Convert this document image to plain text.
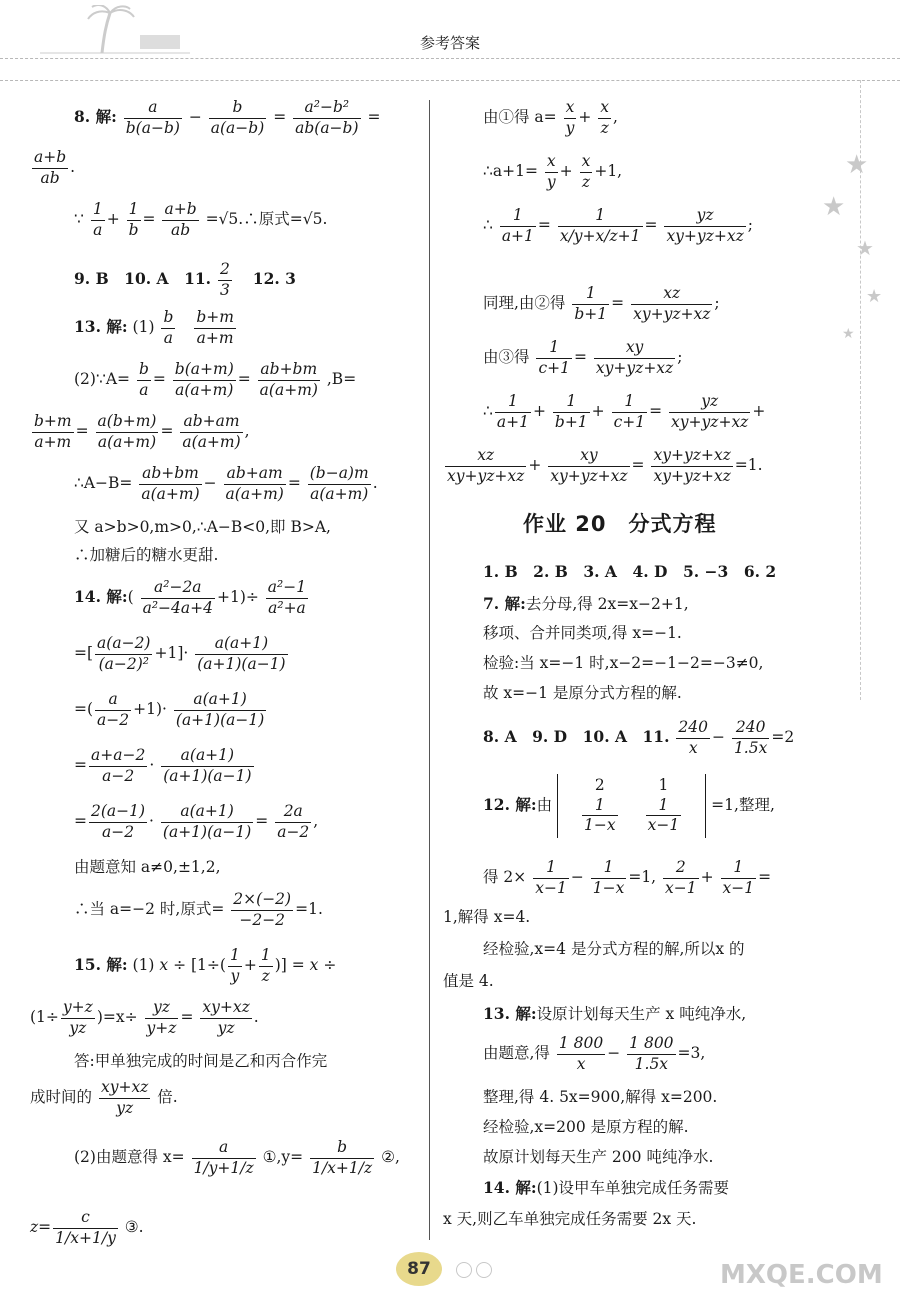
参考答案
★
★
★
★
★
8. 解: $\frac{a}{b(a-b)} - \frac{b}{a(a-b)} = \frac{\text{a²−b²}}{ab(a-b)}$ =
$\frac{a+b}{ab}$ .
∵ $\frac{1}{a} + \frac{1}{b} = \frac{a+b}{ab}$ =√5.∴原式=√5.
9. B　10. A　11. $\frac{2}{3} 12$. 3
13. 解: $(1) \frac{b}{a}$
$\frac{b+m}{a+m}$
(2)∵A= $\frac{b}{a} = \frac{b(a+m)}{a(a+m)} = \frac{ab+bm}{a(a+m)} ,B=$
$\frac{b+m}{a+m} = \frac{a(b+m)}{a(a+m)} = \frac{ab+am}{a(a+m)}$ ,
∴A−B= $\frac{ab+bm}{a(a+m)} - \frac{ab+am}{a(a+m)} = \frac{(b-a)m}{a(a+m)}$ .
又 a>b>0,m>0,∴A−B<0,即 B>A,
∴加糖后的糖水更甜.
14. 解:( $\frac{\text{a²−2a}}{\text{a²−4a+4}} +1)\div \frac{\text{a²−1}}{\text{a²+a}}$
=[ $\frac{a(a-2)}{\text{(a−2)²}} +1]\cdot \frac{a(a+1)}{(a+1)(a-1)}$
=( $\frac{a}{a-2} +1)\cdot \frac{a(a+1)}{(a+1)(a-1)}$
= $\frac{a+a-2}{a-2} \cdot \frac{a(a+1)}{(a+1)(a-1)}$
= $\frac{2(a-1)}{a-2} \cdot \frac{a(a+1)}{(a+1)(a-1)} = \frac{2a}{a-2}$ ,
由题意知 a≠0,±1,2,
∴当 a=−2 时,原式= $\frac{2\times(-2)}{-2-2} =1$.
15. 解: (1) $x \div [1\div( \frac{1}{y} + \frac{1}{z}$ )] = x ÷
$(1\div \frac{y+z}{yz} )=x\div \frac{yz}{y+z} = \frac{xy+xz}{yz}$ .
答:甲单独完成的时间是乙和丙合作完
成时间的 $\frac{xy+xz}{yz}$ 倍.
(2)由题意得 $x= \frac{a}{1/y+1/z}$ ①,y= $\frac{b}{1/x+1/z}$ ②,
$z= \frac{c}{1/x+1/y}$ ③.
由①得 $a= \frac{x}{y} + \frac{x}{z}$ ,
∴a+1= $\frac{x}{y} + \frac{x}{z} +1$,
∴ $\frac{1}{a+1} = \frac{1}{x/y+x/z+1} = \frac{yz}{xy+yz+xz}$ ;
同理,由②得 $\frac{1}{b+1} = \frac{xz}{xy+yz+xz}$ ;
由③得 $\frac{1}{c+1} = \frac{xy}{xy+yz+xz}$ ;
∴ $\frac{1}{a+1} + \frac{1}{b+1} + \frac{1}{c+1} = \frac{yz}{xy+yz+xz}$ +
$\frac{xz}{xy+yz+xz} + \frac{xy}{xy+yz+xz} = \frac{xy+yz+xz}{xy+yz+xz} =1$.
作业 20　分式方程
1. B　2. B　3. A　4. D　5. −3　6. 2
7. 解:去分母,得 2x=x−2+1,
移项、合并同类项,得 x=−1.
检验:当 x=−1 时,x−2=−1−2=−3≠0,
故 x=−1 是原分式方程的解.
8. A　9. D　10. A　11. $\frac{240}{x} - \frac{240}{1.5x} =2$
12. 解:由
2	1

$\frac{1}{1-x}$	$\frac{1}{x-1} =1$,整理,
得 $2\times \frac{1}{x-1} - \frac{1}{1-x} =1$, $\frac{2}{x-1} + \frac{1}{x-1}$ =
1,解得 x=4.
经检验,x=4 是分式方程的解,所以x 的
值是 4.
13. 解:设原计划每天生产 x 吨纯净水,
由题意,得 $\frac{1 800}{x} - \frac{1 800}{1.5x} =3$,
整理,得 4. 5x=900,解得 x=200.
经检验,x=200 是原方程的解.
故原计划每天生产 200 吨纯净水.
14. 解:(1)设甲车单独完成任务需要
x 天,则乙车单独完成任务需要 2x 天.
87	MXQE.COM
